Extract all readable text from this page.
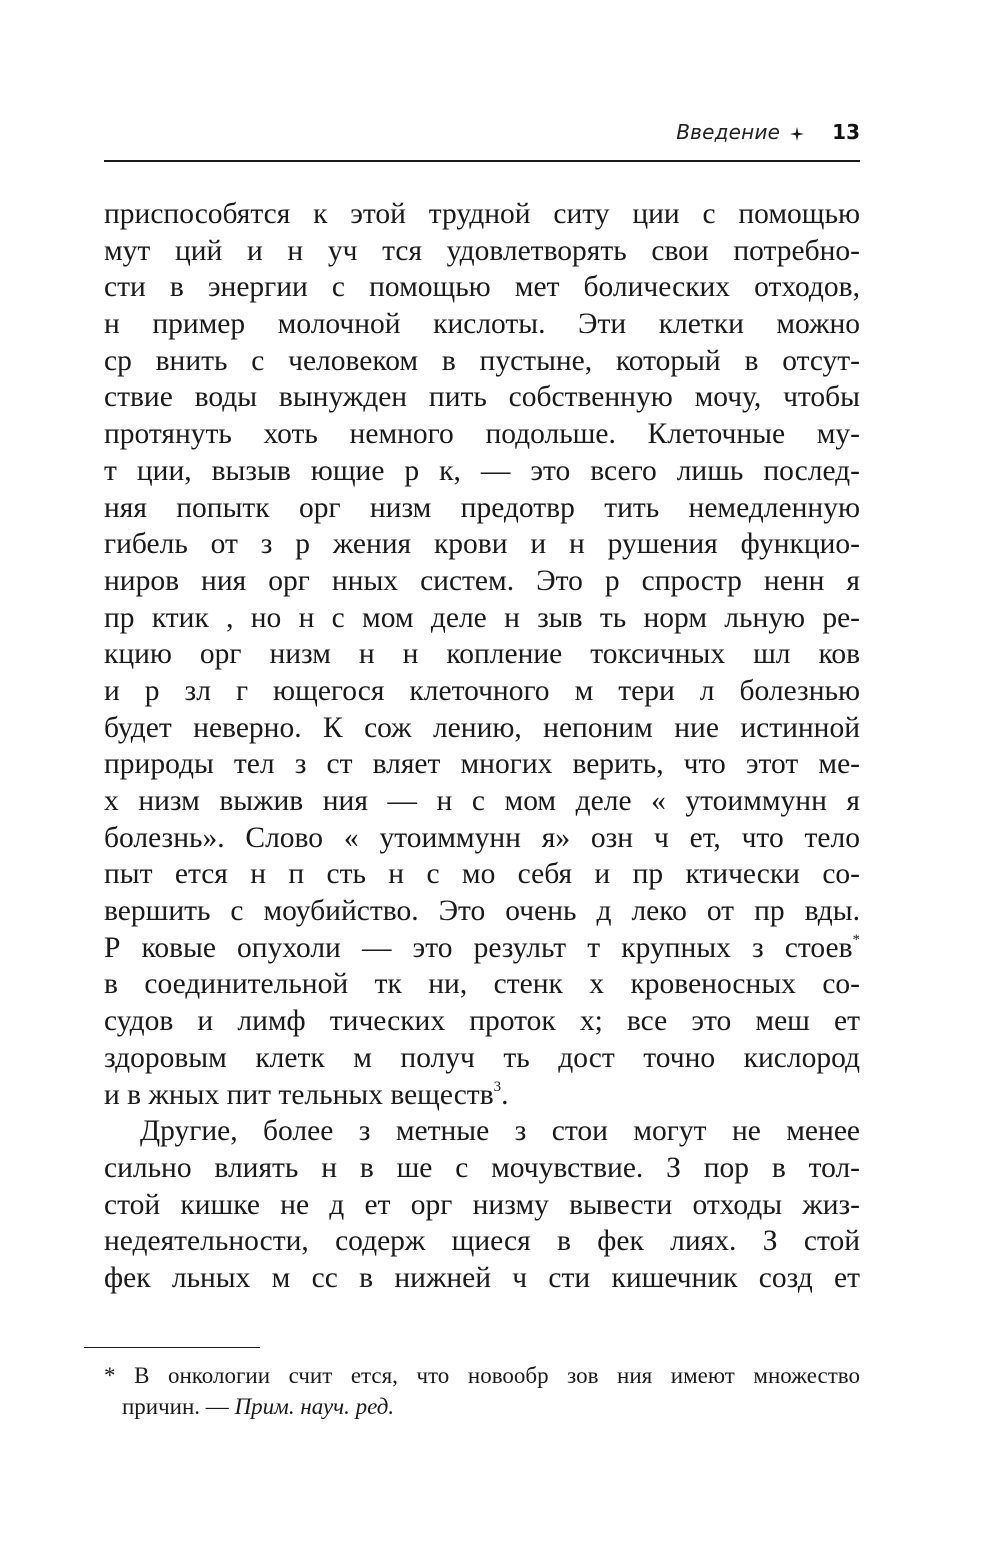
Введение	13
приспособятся к этой трудной ситу ции с помощью
мут ций и н уч тся удовлетворять свои потребно-
сти в энергии с помощью мет болических отходов,
н пример молочной кислоты. Эти клетки можно
ср внить с человеком в пустыне, который в отсут-
ствие воды вынужден пить собственную мочу, чтобы
протянуть хоть немного подольше. Клеточные му-
т ции, вызыв ющие р к, — это всего лишь послед-
няя попытк орг низм предотвр тить немедленную
гибель от з р жения крови и н рушения функцио-
ниров ния орг нных систем. Это р спростр ненн я
пр ктик , но н с мом деле н зыв ть норм льную ре-
кцию орг низм н н копление токсичных шл ков
и р зл г ющегося клеточного м тери л болезнью
будет неверно. К сож лению, непоним ние истинной
природы тел з ст вляет многих верить, что этот ме-
х низм выжив ния — н с мом деле « утоиммунн я
болезнь». Слово « утоиммунн я» озн ч ет, что тело
пыт ется н п сть н с мо себя и пр ктически со-
вершить с моубийство. Это очень д леко от пр вды.
Р ковые опухоли — это результ т крупных з стоев*
в соединительной тк ни, стенк х кровеносных со-
судов и лимф тических проток х; все это меш ет
здоровым клетк м получ ть дост точно кислород
и в жных пит тельных веществ$^3$.
Другие, более з метные з стои могут не менее
сильно влиять н в ше с мочувствие. З пор в тол-
стой кишке не д ет орг низму вывести отходы жиз-
недеятельности, содерж щиеся в фек лиях. З стой
фек льных м сс в нижней ч сти кишечник созд ет
* В онкологии счит ется, что новообр зов ния имеют множество
причин. — Прим. науч. ред.
